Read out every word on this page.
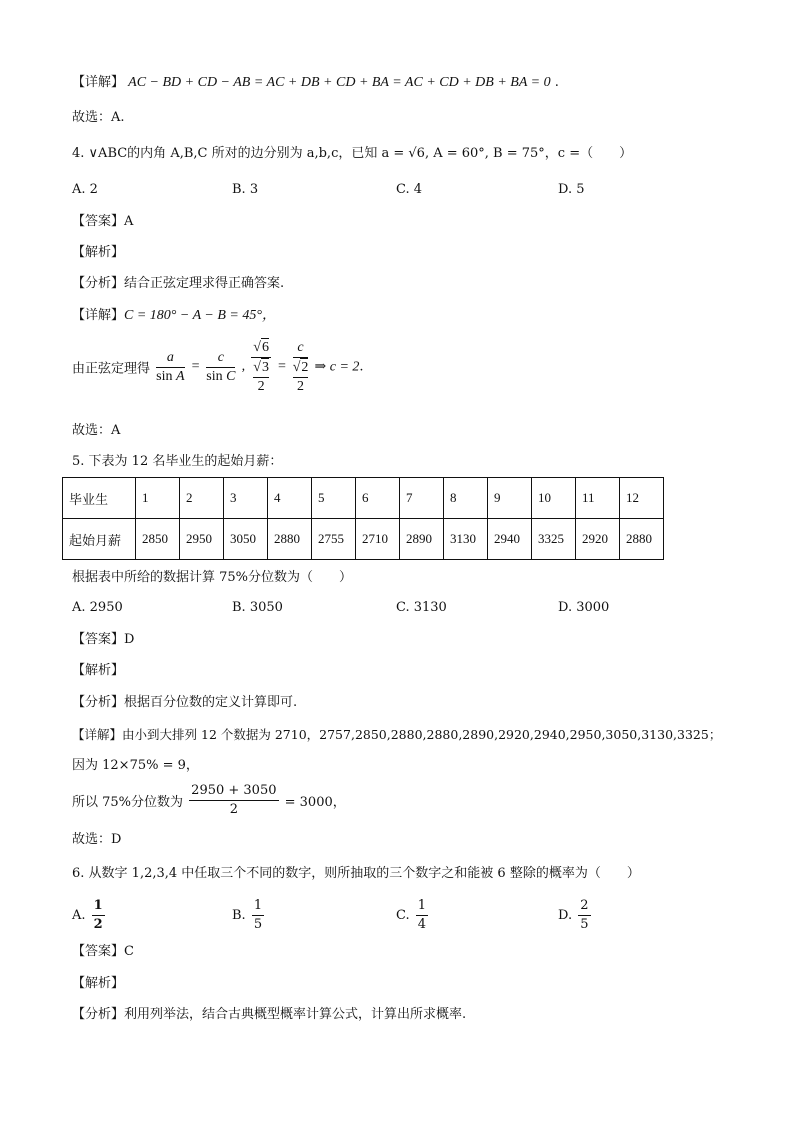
【详解】 AC − BD + CD − AB = AC + DB + CD + BA = AC + CD + DB + BA = 0 .
故选：A.
4. ∨ABC的内角 A,B,C 所对的边分别为 a,b,c，已知 a = √6, A = 60°, B = 75°，c =（　　）
A. 2	B. 3	C. 4	D. 5
【答案】A
【解析】
【分析】结合正弦定理求得正确答案.
【详解】C = 180° − A − B = 45°，
由正弦定理得 $\frac{a}{\text{sin A}} = \frac{c}{\text{sin C}}$ , $\frac{√6}{\frac{√3}{2}} = \frac{c}{\frac{√2}{2}}$ ⇒ c = 2.
故选：A
5. 下表为 12 名毕业生的起始月薪：
毕业生	1	2	3	4	5	6	7	8	9	10	11	12
起始月薪	2850	2950	3050	2880	2755	2710	2890	3130	2940	3325	2920	2880
根据表中所给的数据计算 75%分位数为（　　）
A. 2950	B. 3050	C. 3130	D. 3000
【答案】D
【解析】
【分析】根据百分位数的定义计算即可.
【详解】由小到大排列 12 个数据为 2710，2757,2850,2880,2880,2890,2920,2940,2950,3050,3130,3325；
因为 12×75% = 9，
所以 75%分位数为 $\frac{2950 + 3050}{2} = 3000$，
故选：D
6. 从数字 1,2,3,4 中任取三个不同的数字，则所抽取的三个数字之和能被 6 整除的概率为（　　）
A. $\frac{1}{2}$	B. $\frac{1}{5}$	C. $\frac{1}{4}$	D. $\frac{2}{5}$
【答案】C
【解析】
【分析】利用列举法，结合古典概型概率计算公式，计算出所求概率.
